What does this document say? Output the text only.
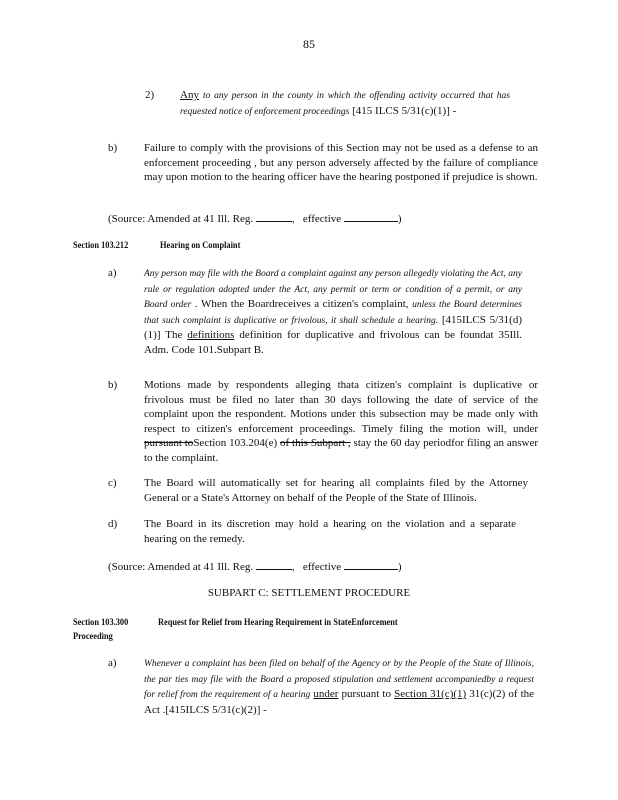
85
2) Any to any person in the county in which the offending activity occurred that has requested notice of enforcement proceedings [415 ILCS 5/31(c)(1)] -
b) Failure to comply with the provisions of this Section may not be used as a defense to an enforcement proceeding , but any person adversely affected by the failure of compliance may upon motion to the hearing officer have the hearing postponed if prejudice is shown.
(Source: Amended at 41 Ill. Reg.	, effective	)
Section 103.212	Hearing on Complaint
a)	Any person may file with the Board a complaint against any person allegedly violating the Act, any rule or regulation adopted under the Act, any permit or term or condition of a permit, or any Board order . When the Boardreceives a citizen's complaint, unless the Board determines that such complaint is duplicative or frivolous, it shall schedule a hearing. [415ILCS 5/31(d)(1)] The definitions definition for duplicative and frivolous can be foundat 35Ill. Adm. Code 101.Subpart B.
b) Motions made by respondents alleging thata citizen's complaint is duplicative or frivolous must be filed no later than 30 days following the date of service of the complaint upon the respondent. Motions under this subsection may be made only with respect to citizen's enforcement proceedings. Timely filing the motion will, under pursuant toSection 103.204(e) of this Subpart , stay the 60 day periodfor filing an answer to the complaint.
c) The Board will automatically set for hearing all complaints filed by the Attorney General or a State's Attorney on behalf of the People of the State of Illinois.
d) The Board in its discretion may hold a hearing on the violation and a separate hearing on the remedy.
(Source: Amended at 41 Ill. Reg.	, effective	)
SUBPART C: SETTLEMENT PROCEDURE
Section 103.300	Request for Relief from Hearing Requirement in StateEnforcement
Proceeding
a)	Whenever a complaint has been filed on behalf of the Agency or by the People of the State of Illinois, the par ties may file with the Board a proposed stipulation and settlement accompaniedby a request for relief from the requirement of a hearing under pursuant to Section 31(c)(1) 31(c)(2) of the Act .[415ILCS 5/31(c)(2)] -
